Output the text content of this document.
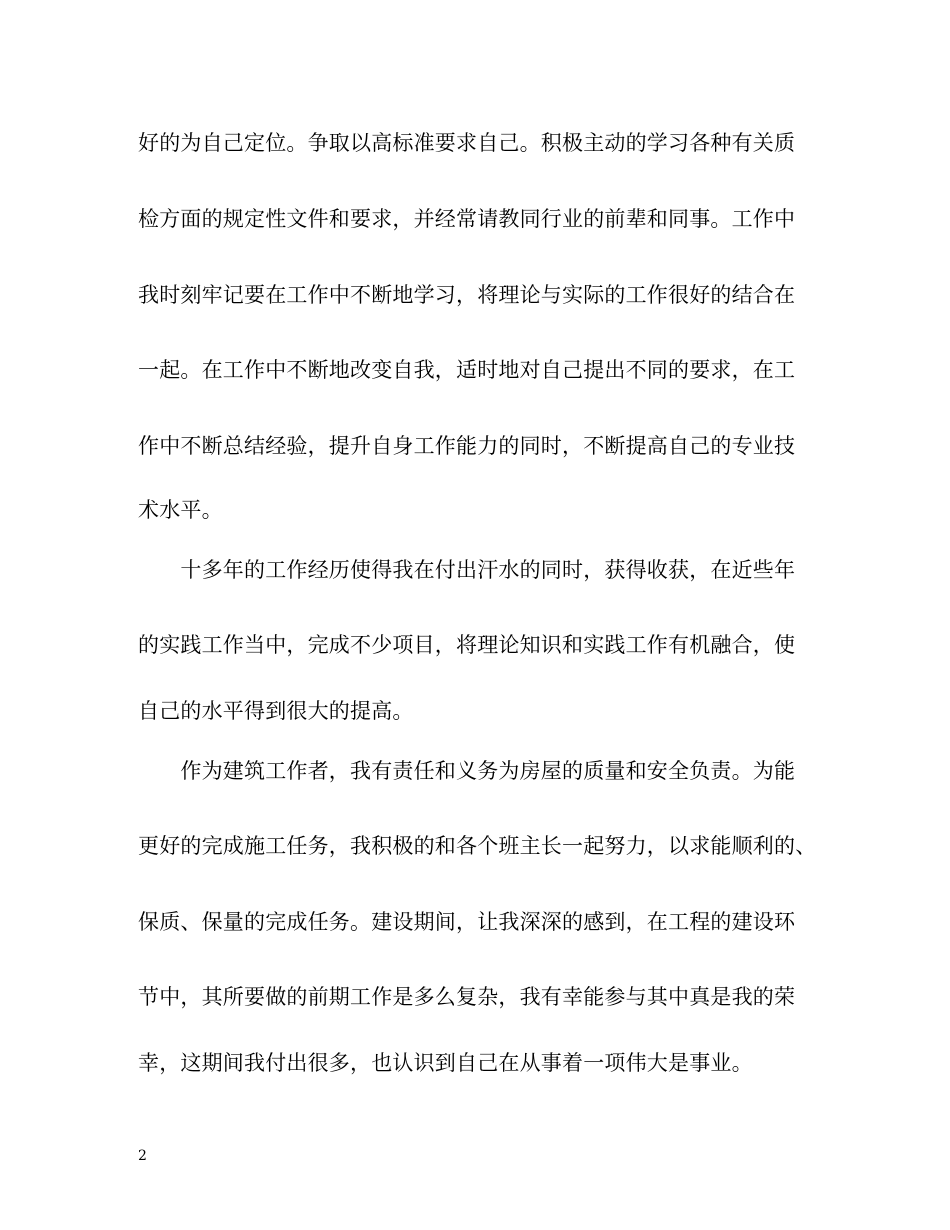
好的为自己定位。争取以高标准要求自己。积极主动的学习各种有关质
检方面的规定性文件和要求，并经常请教同行业的前辈和同事。工作中
我时刻牢记要在工作中不断地学习，将理论与实际的工作很好的结合在
一起。在工作中不断地改变自我，适时地对自己提出不同的要求，在工
作中不断总结经验，提升自身工作能力的同时，不断提高自己的专业技
术水平。
　　十多年的工作经历使得我在付出汗水的同时，获得收获，在近些年
的实践工作当中，完成不少项目，将理论知识和实践工作有机融合，使
自己的水平得到很大的提高。
　　作为建筑工作者，我有责任和义务为房屋的质量和安全负责。为能
更好的完成施工任务，我积极的和各个班主长一起努力，以求能顺利的、
保质、保量的完成任务。建设期间，让我深深的感到，在工程的建设环
节中，其所要做的前期工作是多么复杂，我有幸能参与其中真是我的荣
幸，这期间我付出很多，也认识到自己在从事着一项伟大是事业。
2
